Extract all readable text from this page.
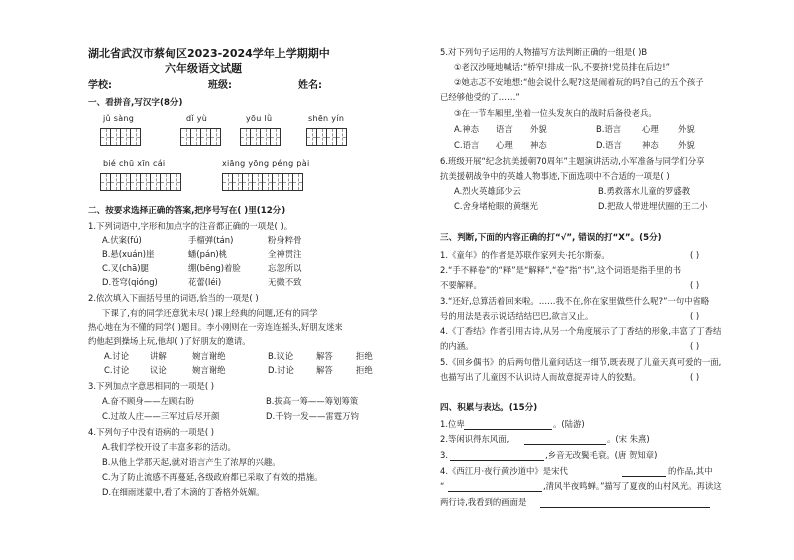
湖北省武汉市蔡甸区2023-2024学年上学期期中
六年级语文试题
学校:	班级:	姓名:
一、看拼音,写汉字(8分)
jǔ sàng	dǐ yù	yōu lǜ	shēn yín
bié chū xīn cái	xiāng yōng péng pài
二、按要求选择正确的答案,把序号写在( )里(12分)
1.下列词语中,字形和加点字的注音都正确的一项是( )。
A.伏案(fú)	手榴弹(tán)	粉身粹骨
B.悬(xuán)崖	蟠(pán)桃	全神贯注
C.叉(chā)腿	绷(bēng)着脸	忘忽所以
D.苍穹(qióng)	花蕾(léi)	无微不致
2.依次填入下面括号里的词语,恰当的一项是( )
下课了,有的同学还意犹未尽( )课上经典的问题,还有的同学
热心地在为不懂的同学( )题目。李小刚则在一旁连连摇头,好朋友迷来
约他起到操场上玩,他却( )了好朋友的邀请。
A.讨论	讲解	婉言谢绝	B.议论	解答	拒绝
C.讨论 议论	婉言谢绝	D.讨论	解答	拒绝
3.下列加点字意思相同的一项是( )
A.奋不顾身——左顾右盼	B.拔高一筹——筹划筹策
C.过故人庄——三军过后尽开颜	D.千钧一发——雷霆万钧
4.下列句子中没有语病的一项是( )
A.我们学校开设了丰富多彩的活动。
B.从他上学那天起,就对语言产生了浓厚的兴趣。
C.为了防止流感不再蔓延,各级政府都已采取了有效的措施。
D.在细雨迷蒙中,看了木滴的丁香格外妩媚。
5.对下列句子运用的人物描写方法判断正确的一组是( )B
①老汉沙哑地喊话:“桥窄!排成一队,不要挤!党员排在后边!”
②她志忑不安地想:“他会说什么呢?这是闹着玩的吗?自己的五个孩子
已经够他受的了……”
③在一节车厢里,坐着一位头发灰白的战时后备役老兵。
A.神态 语言 外貌	B.语言 心理 外貌
C.语言 心理 神态	D.语言 神态 外貌
6.班级开展“纪念抗美援朝70周年”主题演讲活动,小军准备与同学们分享
抗美援朝战争中的英雄人物事迹,下面选项中不合适的一项是( )
A.烈火英雄邱少云	B.勇救落水儿童的罗盛教
C.舍身堵枪眼的黄继光	D.把敌人带进埋伏圈的王二小
三、判断,下面的内容正确的打“√”, 错误的打“X”。(5分)
1.《童年》的作者是苏联作家列夫·托尔斯泰。	( )
2.“手不释卷”的“释”是“解释”,“卷”指“书”,这个词语是指手里的书
不要解释。	( )
3.“还好,总算活着回来啦。……我不在,你在家里做些什么呢?”一句中省略
号的用法是表示说话结结巴巴,欲言又止。	( )
4.《丁香结》作者引用古诗,从另一个角度展示了丁香结的形象,丰富了丁香结
的内涵。	( )
5.《回乡偶书》的后两句借儿童问话这一细节,既表现了儿童天真可爱的一面,
也描写出了儿童因不认识诗人而故意捉弄诗人的狡黠。	( )
四、积累与表达。(15分)
1.位卑	。(陆游)
2.等闲识得东风面,	。(宋 朱熹)
3.	,乡音无改鬓毛衰。(唐 贺知章)
4.《西江月·夜行黄沙道中》是宋代	的作品,其中
“	,清风半夜鸣蝉。”描写了夏夜的山村风光。再读这
两行诗,我看到的画面是
